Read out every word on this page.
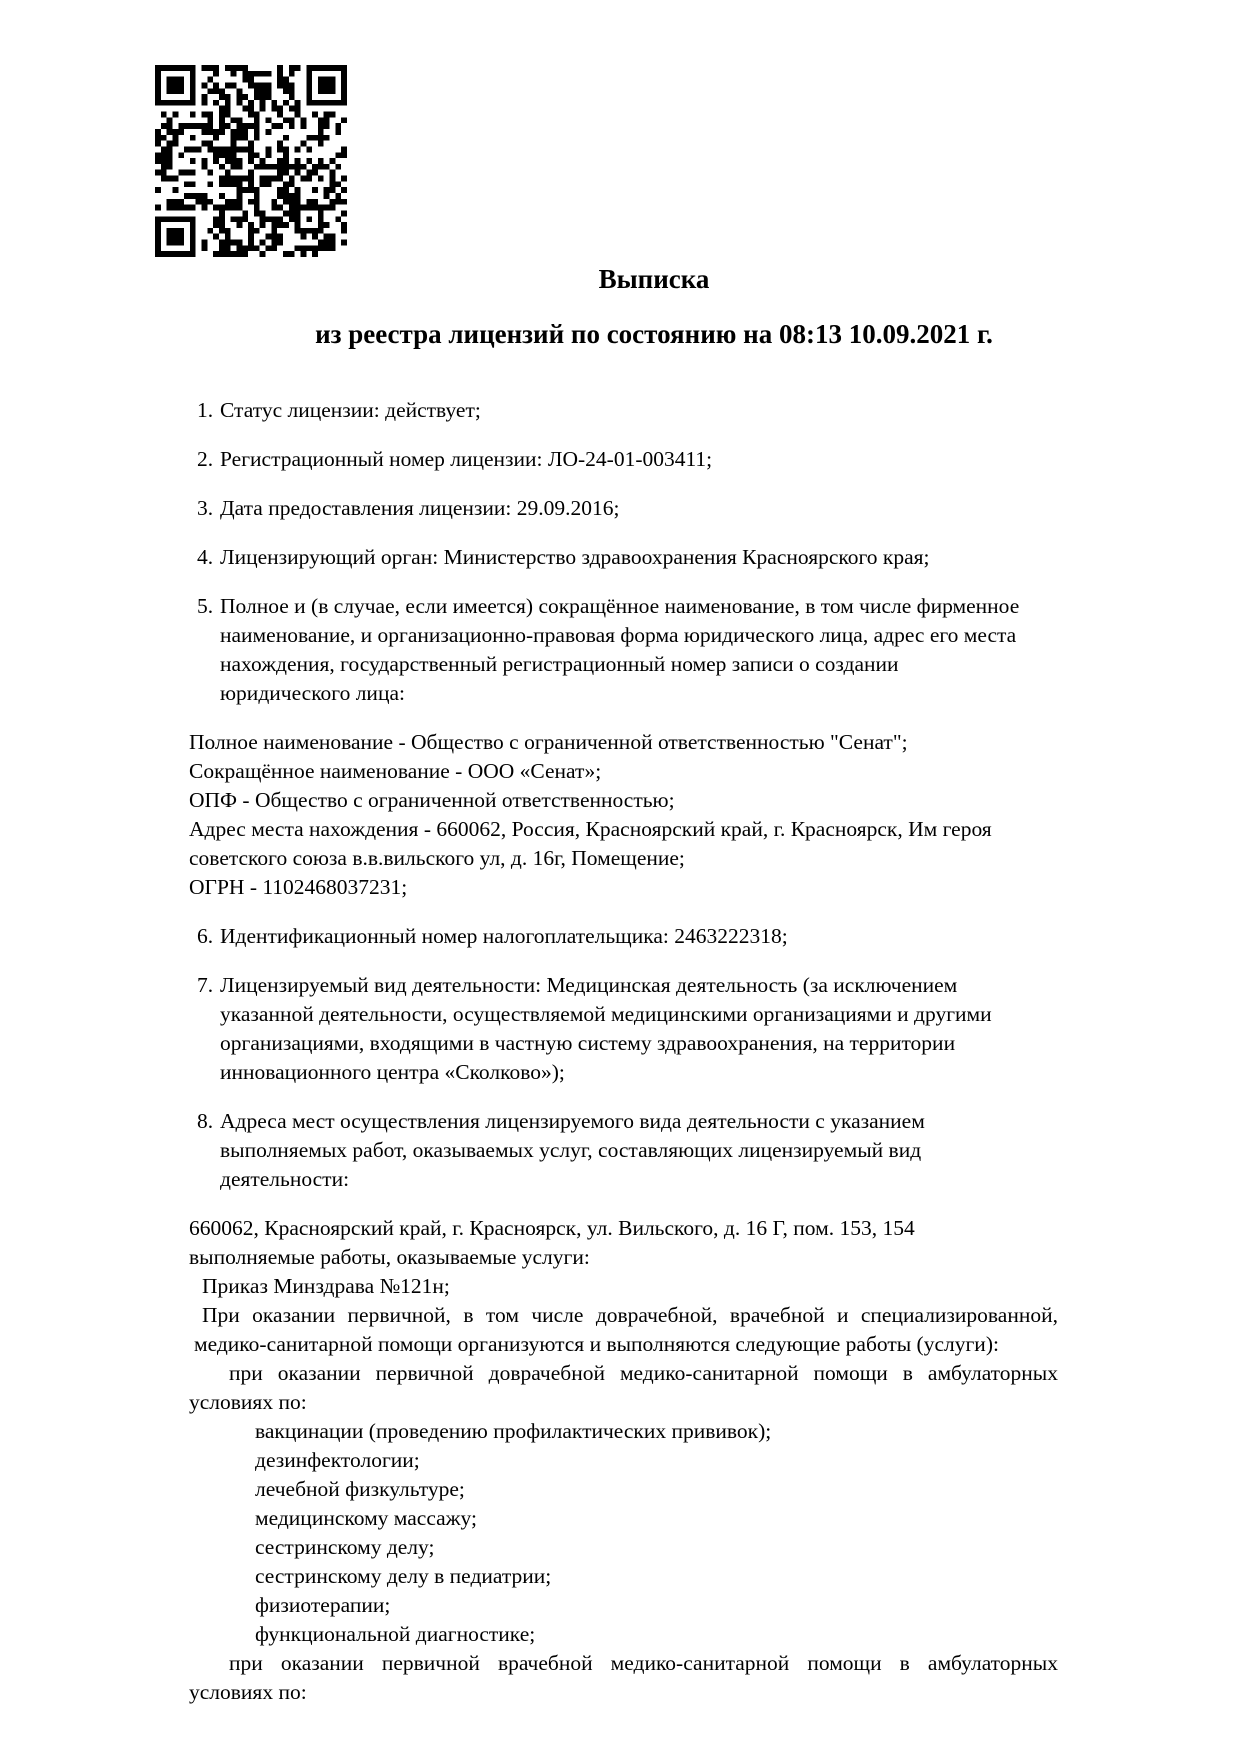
Выписка
из реестра лицензий по состоянию на 08:13 10.09.2021 г.
1. Статус лицензии: действует;
2. Регистрационный номер лицензии: ЛО-24-01-003411;
3. Дата предоставления лицензии: 29.09.2016;
4. Лицензирующий орган: Министерство здравоохранения Красноярского края;
5. Полное и (в случае, если имеется) сокращённое наименование, в том числе фирменное
наименование, и организационно-правовая форма юридического лица, адрес его места
нахождения, государственный регистрационный номер записи о создании
юридического лица:
Полное наименование - Общество с ограниченной ответственностью "Сенат";
Сокращённое наименование - ООО «Сенат»;
ОПФ - Общество с ограниченной ответственностью;
Адрес места нахождения - 660062, Россия, Красноярский край, г. Красноярск, Им героя
советского союза в.в.вильского ул, д. 16г, Помещение;
ОГРН - 1102468037231;
6. Идентификационный номер налогоплательщика: 2463222318;
7. Лицензируемый вид деятельности: Медицинская деятельность (за исключением
указанной деятельности, осуществляемой медицинскими организациями и другими
организациями, входящими в частную систему здравоохранения, на территории
инновационного центра «Сколково»);
8. Адреса мест осуществления лицензируемого вида деятельности с указанием
выполняемых работ, оказываемых услуг, составляющих лицензируемый вид
деятельности:
660062, Красноярский край, г. Красноярск, ул. Вильского, д. 16 Г, пом. 153, 154
выполняемые работы, оказываемые услуги:
Приказ Минздрава №121н;
При оказании первичной, в том числе доврачебной, врачебной и специализированной,
медико-санитарной помощи организуются и выполняются следующие работы (услуги):
при оказании первичной доврачебной медико-санитарной помощи в амбулаторных
условиях по:
вакцинации (проведению профилактических прививок);
дезинфектологии;
лечебной физкультуре;
медицинскому массажу;
сестринскому делу;
сестринскому делу в педиатрии;
физиотерапии;
функциональной диагностике;
при оказании первичной врачебной медико-санитарной помощи в амбулаторных
условиях по:
